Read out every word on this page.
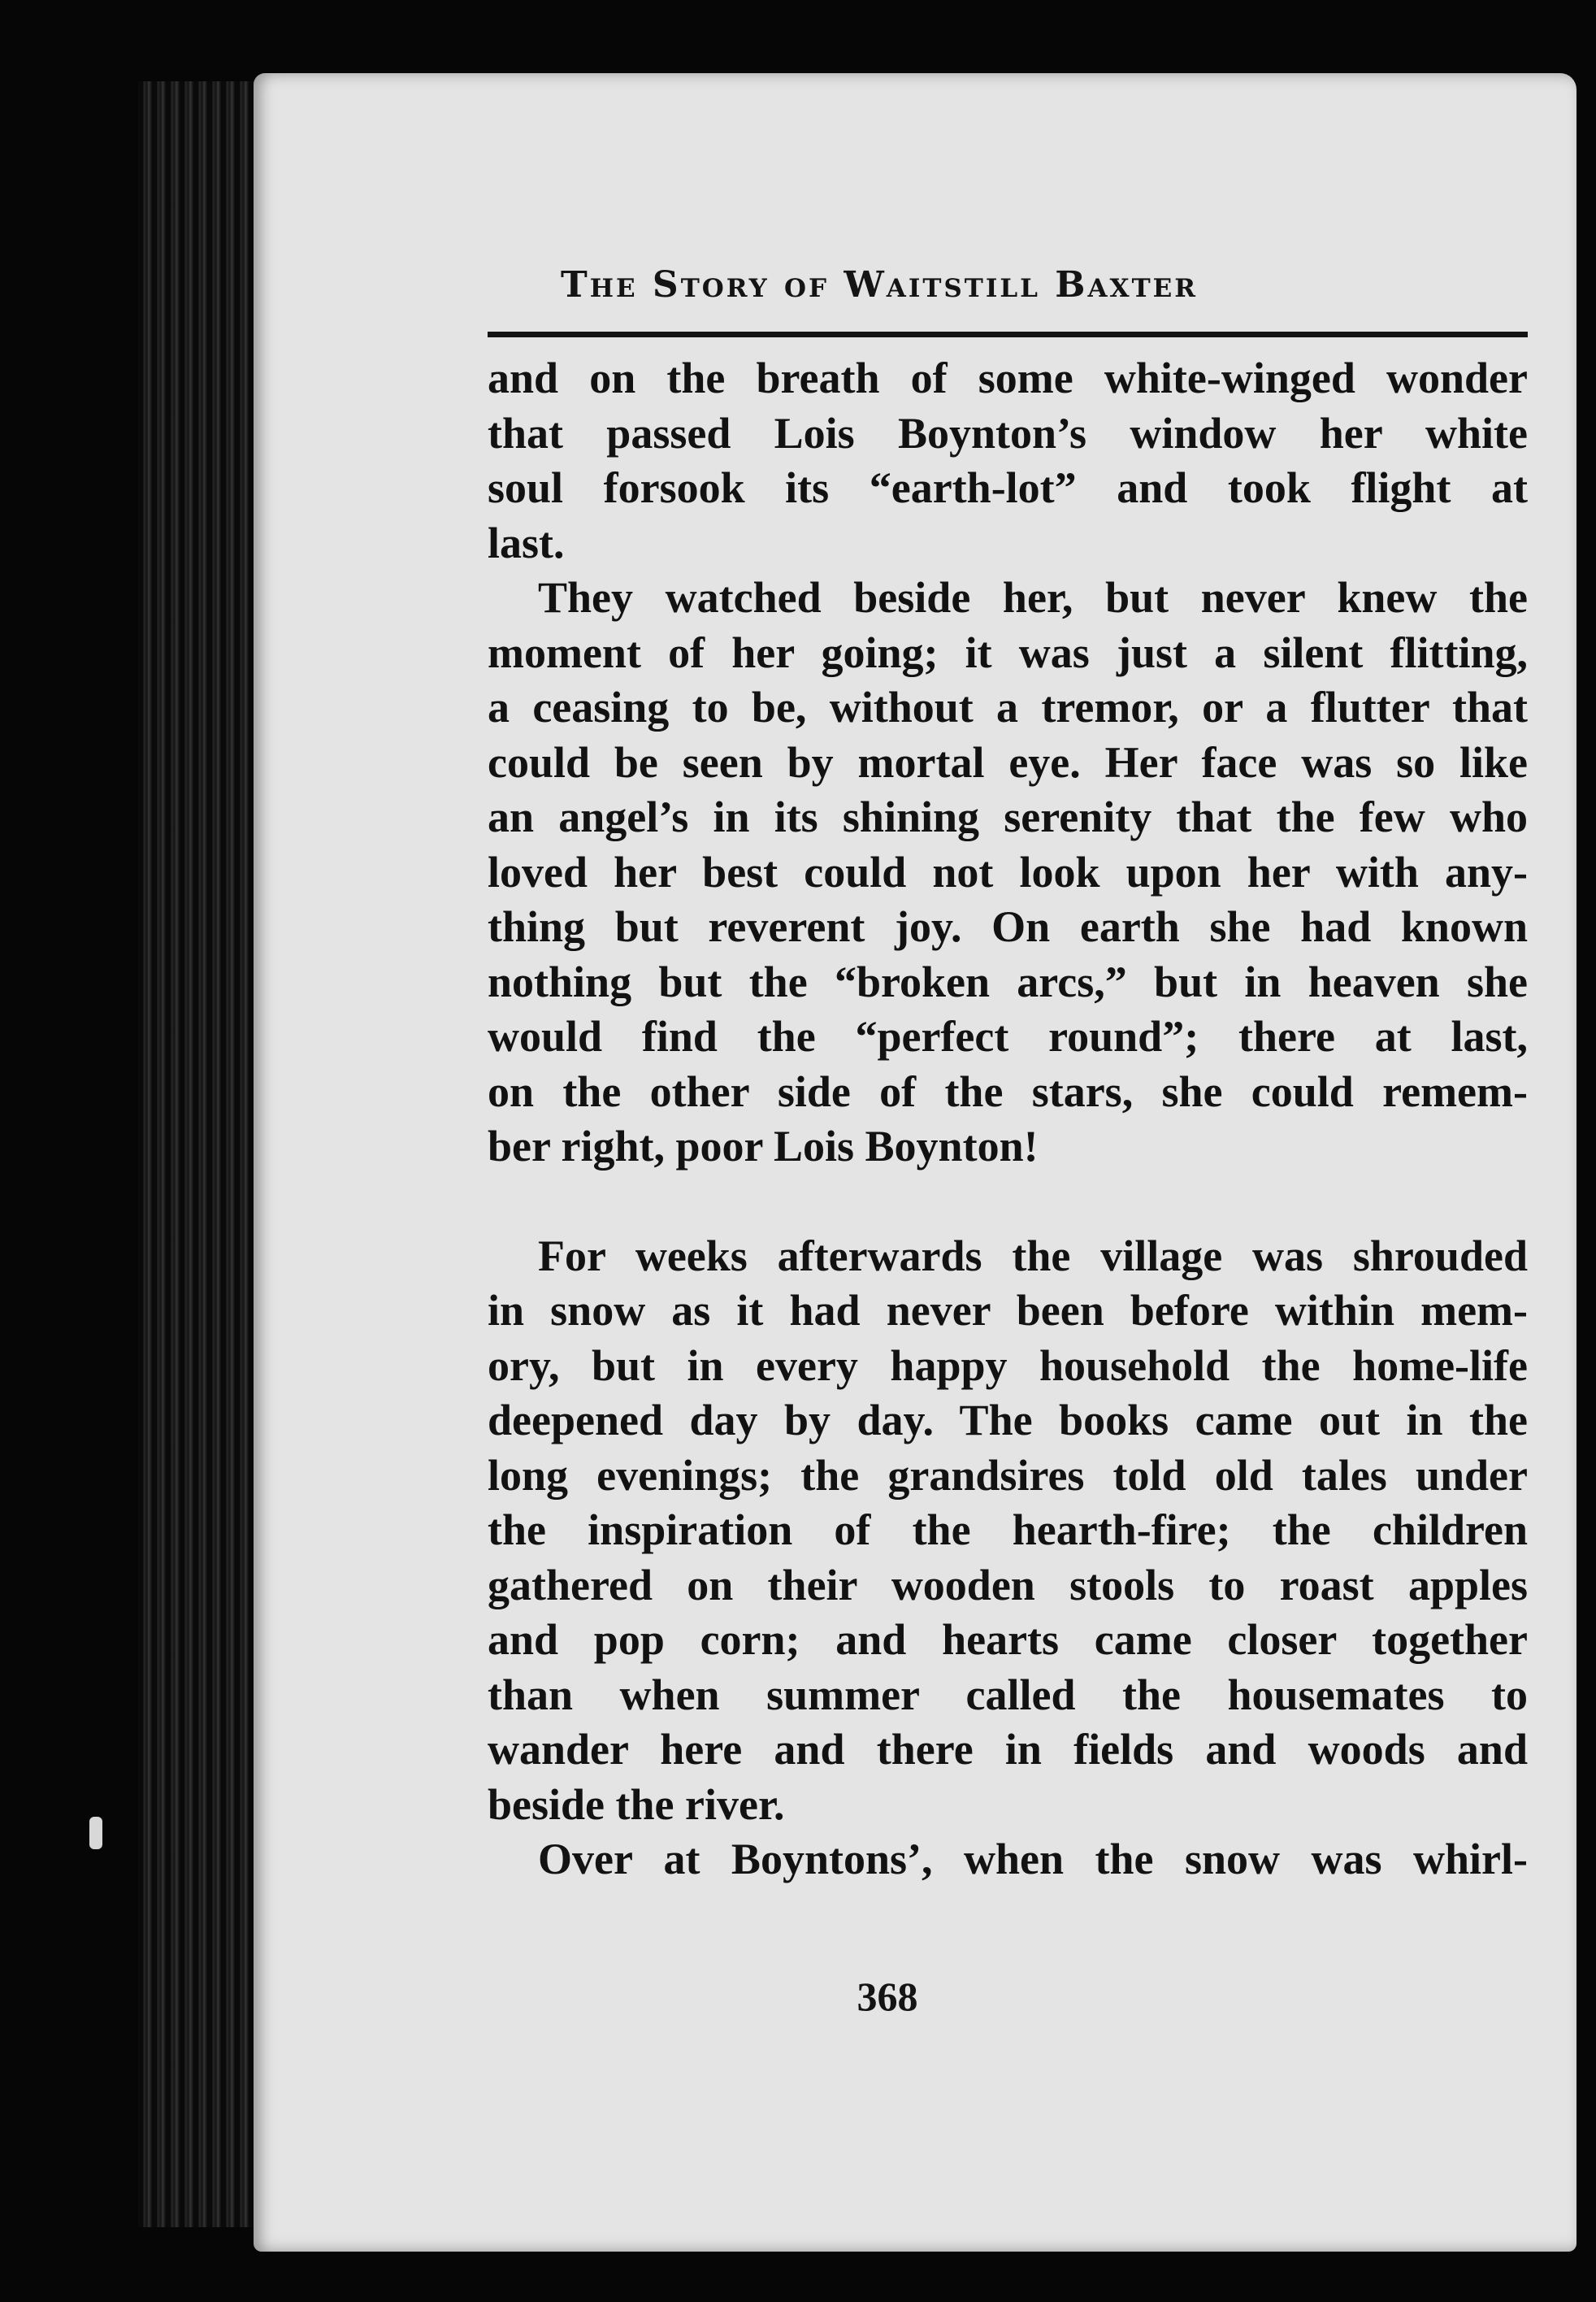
The Story of Waitstill Baxter

and on the breath of some white-winged wonder
that passed Lois Boynton’s window her white
soul forsook its “earth-lot” and took flight at
last.

They watched beside her, but never knew the
moment of her going; it was just a silent flitting,
a ceasing to be, without a tremor, or a flutter that
could be seen by mortal eye. Her face was so like
an angel’s in its shining serenity that the few who
loved her best could not look upon her with any-
thing but reverent joy. On earth she had known
nothing but the “broken arcs,” but in heaven she
would find the “perfect round”; there at last,
on the other side of the stars, she could remem-
ber right, poor Lois Boynton!

For weeks afterwards the village was shrouded
in snow as it had never been before within mem-
ory, but in every happy household the home-life
deepened day by day. The books came out in the
long evenings; the grandsires told old tales under
the inspiration of the hearth-fire; the children
gathered on their wooden stools to roast apples
and pop corn; and hearts came closer together
than when summer called the housemates to
wander here and there in fields and woods and
beside the river.

Over at Boyntons’, when the snow was whirl-

368
